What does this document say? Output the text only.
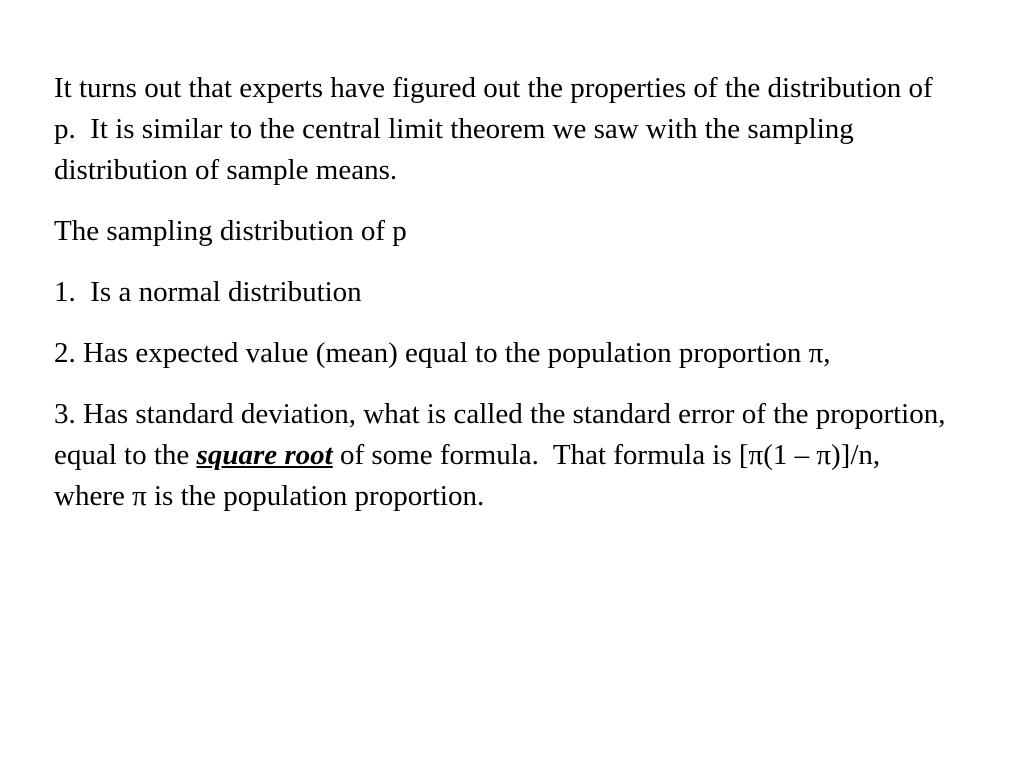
It turns out that experts have figured out the properties of the distribution of p.  It is similar to the central limit theorem we saw with the sampling distribution of sample means.

The sampling distribution of p

1.  Is a normal distribution

2. Has expected value (mean) equal to the population proportion π,

3. Has standard deviation, what is called the standard error of the proportion, equal to the square root of some formula.  That formula is [π(1 – π)]/n, where π is the population proportion.
